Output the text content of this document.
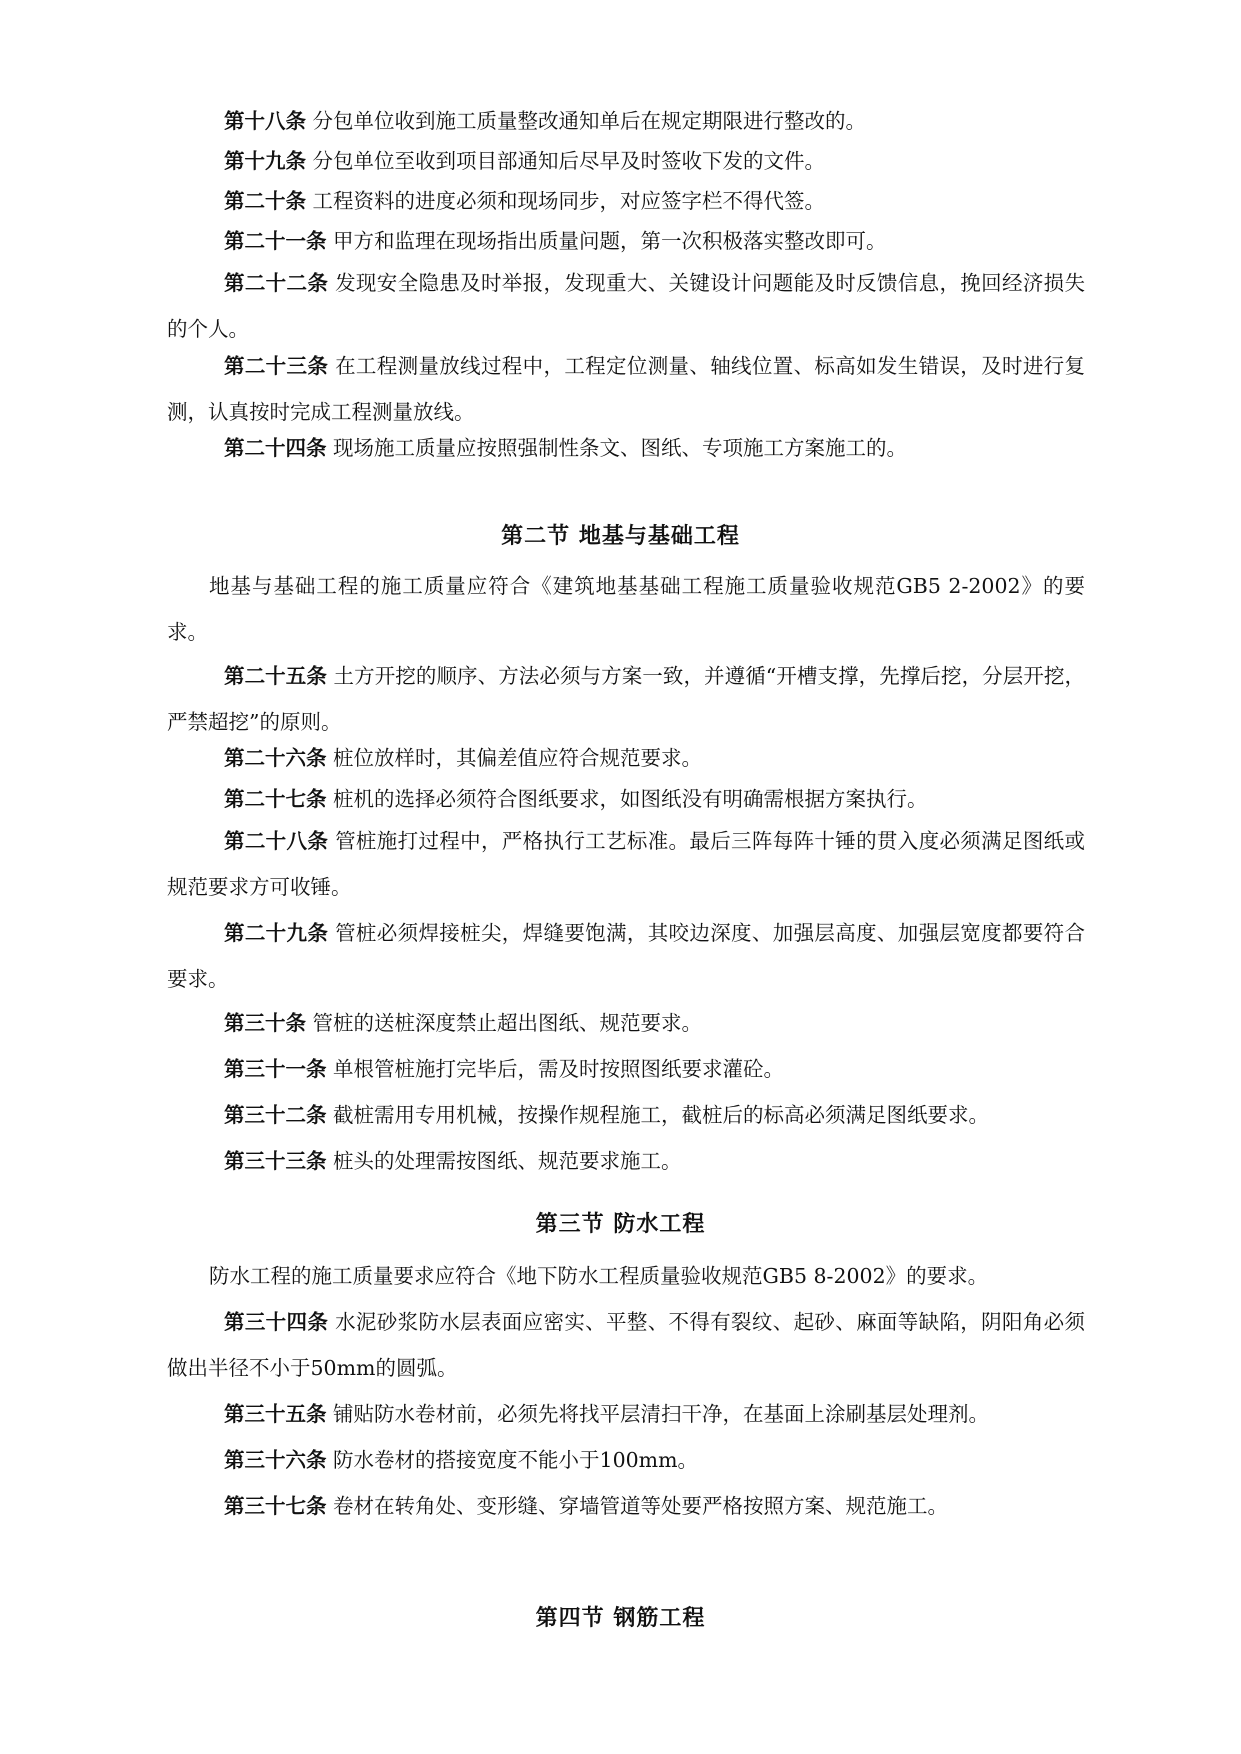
第十八条 分包单位收到施工质量整改通知单后在规定期限进行整改的。
第十九条 分包单位至收到项目部通知后尽早及时签收下发的文件。
第二十条 工程资料的进度必须和现场同步，对应签字栏不得代签。
第二十一条 甲方和监理在现场指出质量问题，第一次积极落实整改即可。
第二十二条 发现安全隐患及时举报，发现重大、关键设计问题能及时反馈信息，挽回经济损失的个人。
第二十三条 在工程测量放线过程中，工程定位测量、轴线位置、标高如发生错误，及时进行复测，认真按时完成工程测量放线。
第二十四条 现场施工质量应按照强制性条文、图纸、专项施工方案施工的。
第二节 地基与基础工程
地基与基础工程的施工质量应符合《建筑地基基础工程施工质量验收规范GB5 2-2002》的要求。
第二十五条 土方开挖的顺序、方法必须与方案一致，并遵循“开槽支撑，先撑后挖，分层开挖，严禁超挖”的原则。
第二十六条 桩位放样时，其偏差值应符合规范要求。
第二十七条 桩机的选择必须符合图纸要求，如图纸没有明确需根据方案执行。
第二十八条 管桩施打过程中，严格执行工艺标准。最后三阵每阵十锤的贯入度必须满足图纸或规范要求方可收锤。
第二十九条 管桩必须焊接桩尖，焊缝要饱满，其咬边深度、加强层高度、加强层宽度都要符合要求。
第三十条 管桩的送桩深度禁止超出图纸、规范要求。
第三十一条 单根管桩施打完毕后，需及时按照图纸要求灌砼。
第三十二条 截桩需用专用机械，按操作规程施工，截桩后的标高必须满足图纸要求。
第三十三条 桩头的处理需按图纸、规范要求施工。
第三节 防水工程
防水工程的施工质量要求应符合《地下防水工程质量验收规范GB5 8-2002》的要求。
第三十四条 水泥砂浆防水层表面应密实、平整、不得有裂纹、起砂、麻面等缺陷，阴阳角必须做出半径不小于50mm的圆弧。
第三十五条 铺贴防水卷材前，必须先将找平层清扫干净，在基面上涂刷基层处理剂。
第三十六条 防水卷材的搭接宽度不能小于100mm。
第三十七条 卷材在转角处、变形缝、穿墙管道等处要严格按照方案、规范施工。
第四节 钢筋工程
